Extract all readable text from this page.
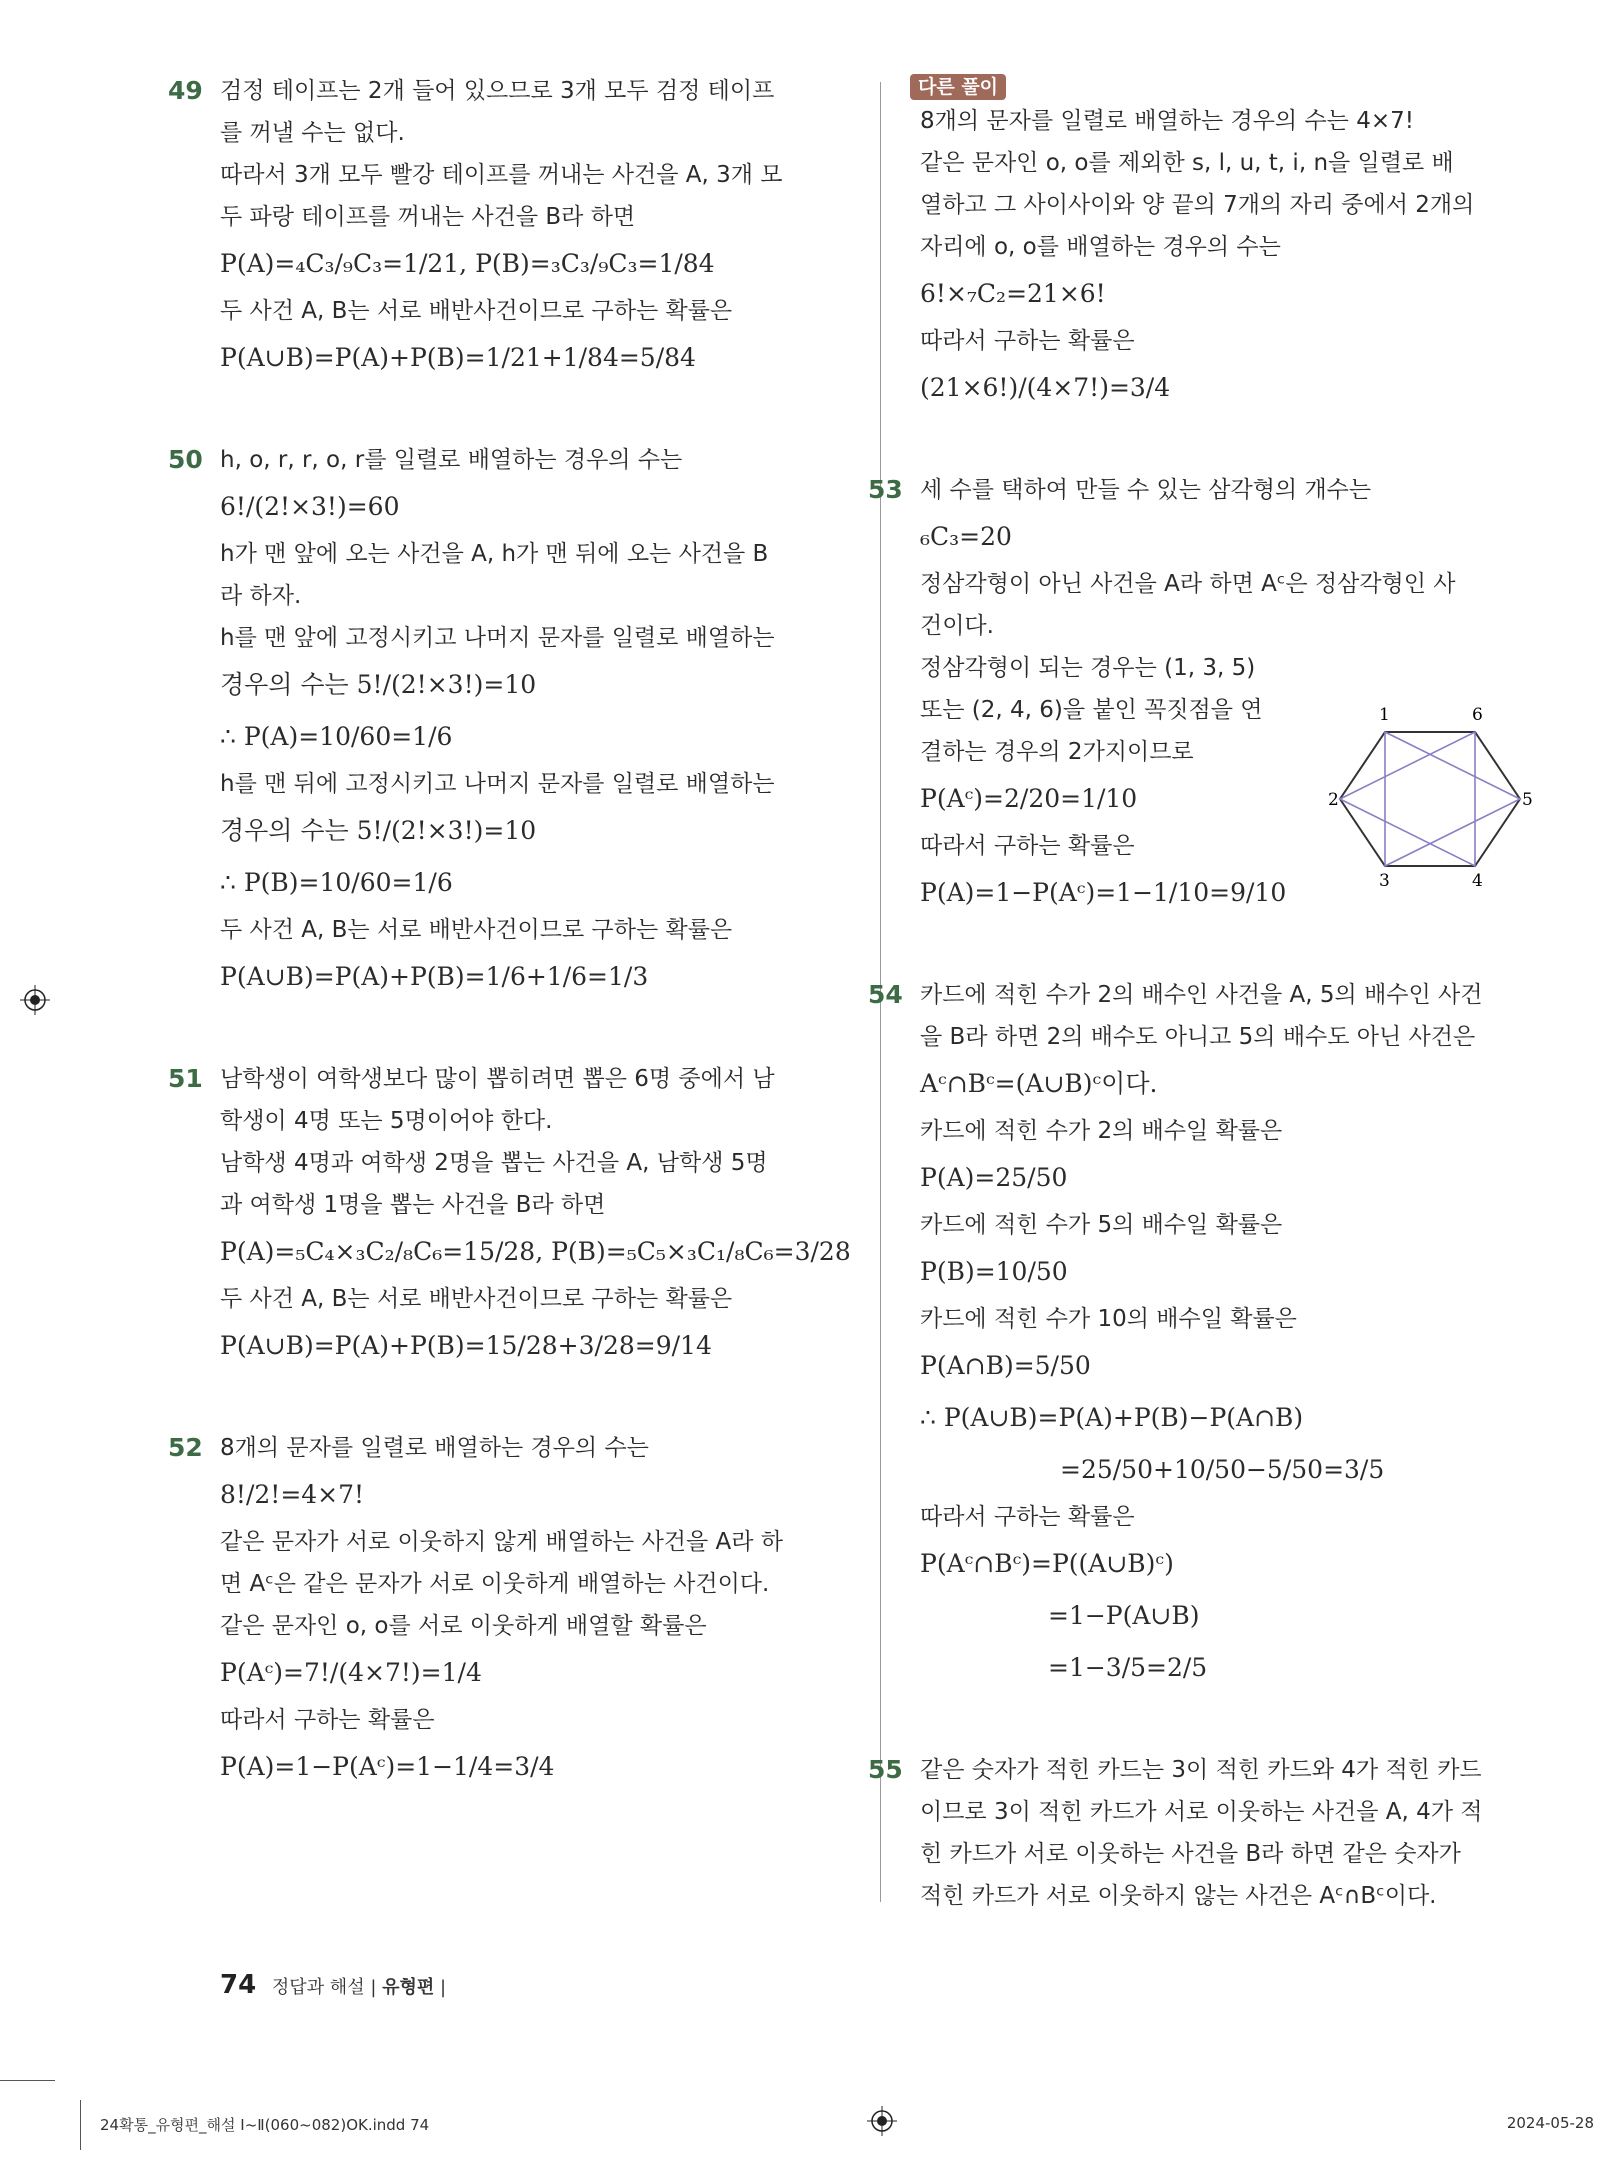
49 검정 테이프는 2개 들어 있으므로 3개 모두 검정 테이프
를 꺼낼 수는 없다.
따라서 3개 모두 빨강 테이프를 꺼내는 사건을 A, 3개 모
두 파랑 테이프를 꺼내는 사건을 B라 하면
P(A)=₄C₃/₉C₃=1/21, P(B)=₃C₃/₉C₃=1/84
두 사건 A, B는 서로 배반사건이므로 구하는 확률은
P(A∪B)=P(A)+P(B)=1/21+1/84=5/84
50 h, o, r, r, o, r를 일렬로 배열하는 경우의 수는
6!/(2!×3!)=60
h가 맨 앞에 오는 사건을 A, h가 맨 뒤에 오는 사건을 B
라 하자.
h를 맨 앞에 고정시키고 나머지 문자를 일렬로 배열하는
경우의 수는 5!/(2!×3!)=10
∴ P(A)=10/60=1/6
h를 맨 뒤에 고정시키고 나머지 문자를 일렬로 배열하는
경우의 수는 5!/(2!×3!)=10
∴ P(B)=10/60=1/6
두 사건 A, B는 서로 배반사건이므로 구하는 확률은
P(A∪B)=P(A)+P(B)=1/6+1/6=1/3
51 남학생이 여학생보다 많이 뽑히려면 뽑은 6명 중에서 남
학생이 4명 또는 5명이어야 한다.
남학생 4명과 여학생 2명을 뽑는 사건을 A, 남학생 5명
과 여학생 1명을 뽑는 사건을 B라 하면
P(A)=₅C₄×₃C₂/₈C₆=15/28, P(B)=₅C₅×₃C₁/₈C₆=3/28
두 사건 A, B는 서로 배반사건이므로 구하는 확률은
P(A∪B)=P(A)+P(B)=15/28+3/28=9/14
52 8개의 문자를 일렬로 배열하는 경우의 수는
8!/2!=4×7!
같은 문자가 서로 이웃하지 않게 배열하는 사건을 A라 하
면 Aᶜ은 같은 문자가 서로 이웃하게 배열하는 사건이다.
같은 문자인 o, o를 서로 이웃하게 배열할 확률은
P(Aᶜ)=7!/(4×7!)=1/4
따라서 구하는 확률은
P(A)=1−P(Aᶜ)=1−1/4=3/4
다른 풀이
8개의 문자를 일렬로 배열하는 경우의 수는 4×7!
같은 문자인 o, o를 제외한 s, l, u, t, i, n을 일렬로 배
열하고 그 사이사이와 양 끝의 7개의 자리 중에서 2개의
자리에 o, o를 배열하는 경우의 수는
6!×₇C₂=21×6!
따라서 구하는 확률은
(21×6!)/(4×7!)=3/4
53 세 수를 택하여 만들 수 있는 삼각형의 개수는
₆C₃=20
정삼각형이 아닌 사건을 A라 하면 Aᶜ은 정삼각형인 사
건이다.
정삼각형이 되는 경우는 (1, 3, 5)
또는 (2, 4, 6)을 붙인 꼭짓점을 연
결하는 경우의 2가지이므로
P(Aᶜ)=2/20=1/10
따라서 구하는 확률은
P(A)=1−P(Aᶜ)=1−1/10=9/10
1	6
2	5
3	4
54 카드에 적힌 수가 2의 배수인 사건을 A, 5의 배수인 사건
을 B라 하면 2의 배수도 아니고 5의 배수도 아닌 사건은
Aᶜ∩Bᶜ=(A∪B)ᶜ이다.
카드에 적힌 수가 2의 배수일 확률은
P(A)=25/50
카드에 적힌 수가 5의 배수일 확률은
P(B)=10/50
카드에 적힌 수가 10의 배수일 확률은
P(A∩B)=5/50
∴ P(A∪B)=P(A)+P(B)−P(A∩B)
=25/50+10/50−5/50=3/5
따라서 구하는 확률은
P(Aᶜ∩Bᶜ)=P((A∪B)ᶜ)
=1−P(A∪B)
=1−3/5=2/5
55 같은 숫자가 적힌 카드는 3이 적힌 카드와 4가 적힌 카드
이므로 3이 적힌 카드가 서로 이웃하는 사건을 A, 4가 적
힌 카드가 서로 이웃하는 사건을 B라 하면 같은 숫자가
적힌 카드가 서로 이웃하지 않는 사건은 Aᶜ∩Bᶜ이다.
74 정답과 해설 | 유형편 |
24확통_유형편_해설 Ⅰ~Ⅱ(060~082)OK.indd 74	2024-05-28
